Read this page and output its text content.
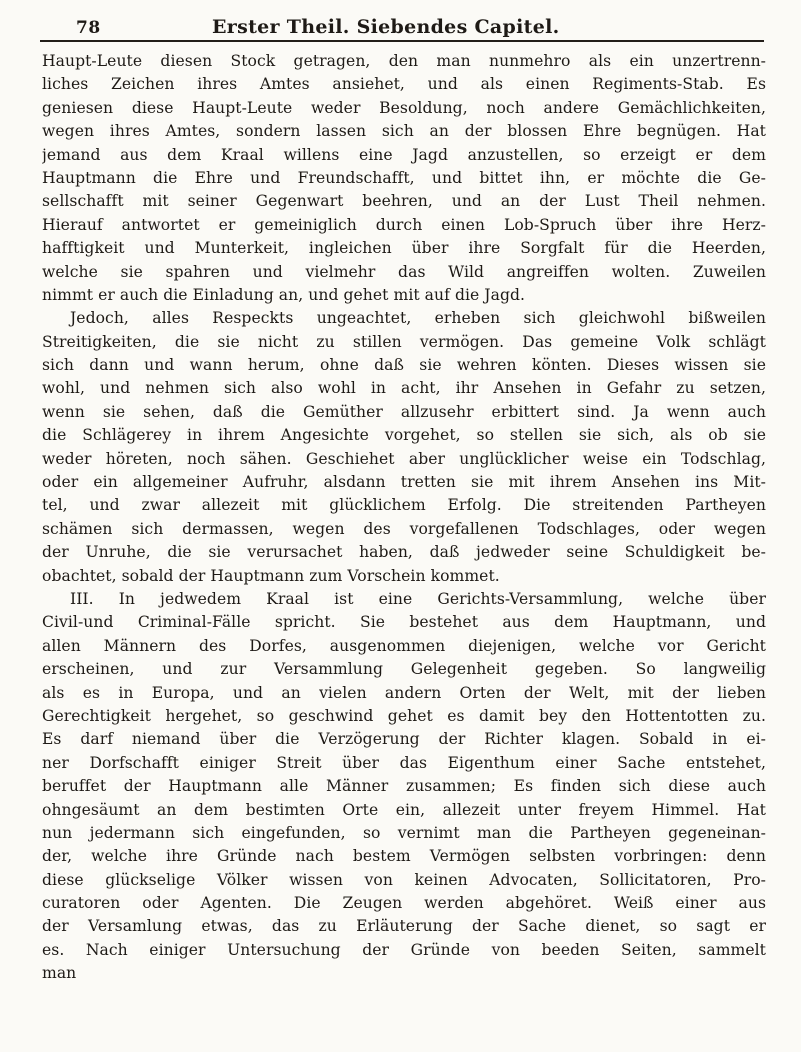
78	Erster Theil. Siebendes Capitel.
Haupt-Leute diesen Stock getragen, den man nunmehro als ein unzertrenn-
liches Zeichen ihres Amtes ansiehet, und als einen Regiments-Stab. Es
geniesen diese Haupt-Leute weder Besoldung, noch andere Gemächlichkeiten,
wegen ihres Amtes, sondern lassen sich an der blossen Ehre begnügen. Hat
jemand aus dem Kraal willens eine Jagd anzustellen, so erzeigt er dem
Hauptmann die Ehre und Freundschafft, und bittet ihn, er möchte die Ge-
sellschafft mit seiner Gegenwart beehren, und an der Lust Theil nehmen.
Hierauf antwortet er gemeiniglich durch einen Lob-Spruch über ihre Herz-
hafftigkeit und Munterkeit, ingleichen über ihre Sorgfalt für die Heerden,
welche sie spahren und vielmehr das Wild angreiffen wolten. Zuweilen
nimmt er auch die Einladung an, und gehet mit auf die Jagd.
Jedoch, alles Respeckts ungeachtet, erheben sich gleichwohl bißweilen
Streitigkeiten, die sie nicht zu stillen vermögen. Das gemeine Volk schlägt
sich dann und wann herum, ohne daß sie wehren könten. Dieses wissen sie
wohl, und nehmen sich also wohl in acht, ihr Ansehen in Gefahr zu setzen,
wenn sie sehen, daß die Gemüther allzusehr erbittert sind. Ja wenn auch
die Schlägerey in ihrem Angesichte vorgehet, so stellen sie sich, als ob sie
weder höreten, noch sähen. Geschiehet aber unglücklicher weise ein Todschlag,
oder ein allgemeiner Aufruhr, alsdann tretten sie mit ihrem Ansehen ins Mit-
tel, und zwar allezeit mit glücklichem Erfolg. Die streitenden Partheyen
schämen sich dermassen, wegen des vorgefallenen Todschlages, oder wegen
der Unruhe, die sie verursachet haben, daß jedweder seine Schuldigkeit be-
obachtet, sobald der Hauptmann zum Vorschein kommet.
III. In jedwedem Kraal ist eine Gerichts-Versammlung, welche über
Civil-und Criminal-Fälle spricht. Sie bestehet aus dem Hauptmann, und
allen Männern des Dorfes, ausgenommen diejenigen, welche vor Gericht
erscheinen, und zur Versammlung Gelegenheit gegeben. So langweilig
als es in Europa, und an vielen andern Orten der Welt, mit der lieben
Gerechtigkeit hergehet, so geschwind gehet es damit bey den Hottentotten zu.
Es darf niemand über die Verzögerung der Richter klagen. Sobald in ei-
ner Dorfschafft einiger Streit über das Eigenthum einer Sache entstehet,
beruffet der Hauptmann alle Männer zusammen; Es finden sich diese auch
ohngesäumt an dem bestimten Orte ein, allezeit unter freyem Himmel. Hat
nun jedermann sich eingefunden, so vernimt man die Partheyen gegeneinan-
der, welche ihre Gründe nach bestem Vermögen selbsten vorbringen: denn
diese glückselige Völker wissen von keinen Advocaten, Sollicitatoren, Pro-
curatoren oder Agenten. Die Zeugen werden abgehöret. Weiß einer aus
der Versamlung etwas, das zu Erläuterung der Sache dienet, so sagt er
es. Nach einiger Untersuchung der Gründe von beeden Seiten, sammelt
man
